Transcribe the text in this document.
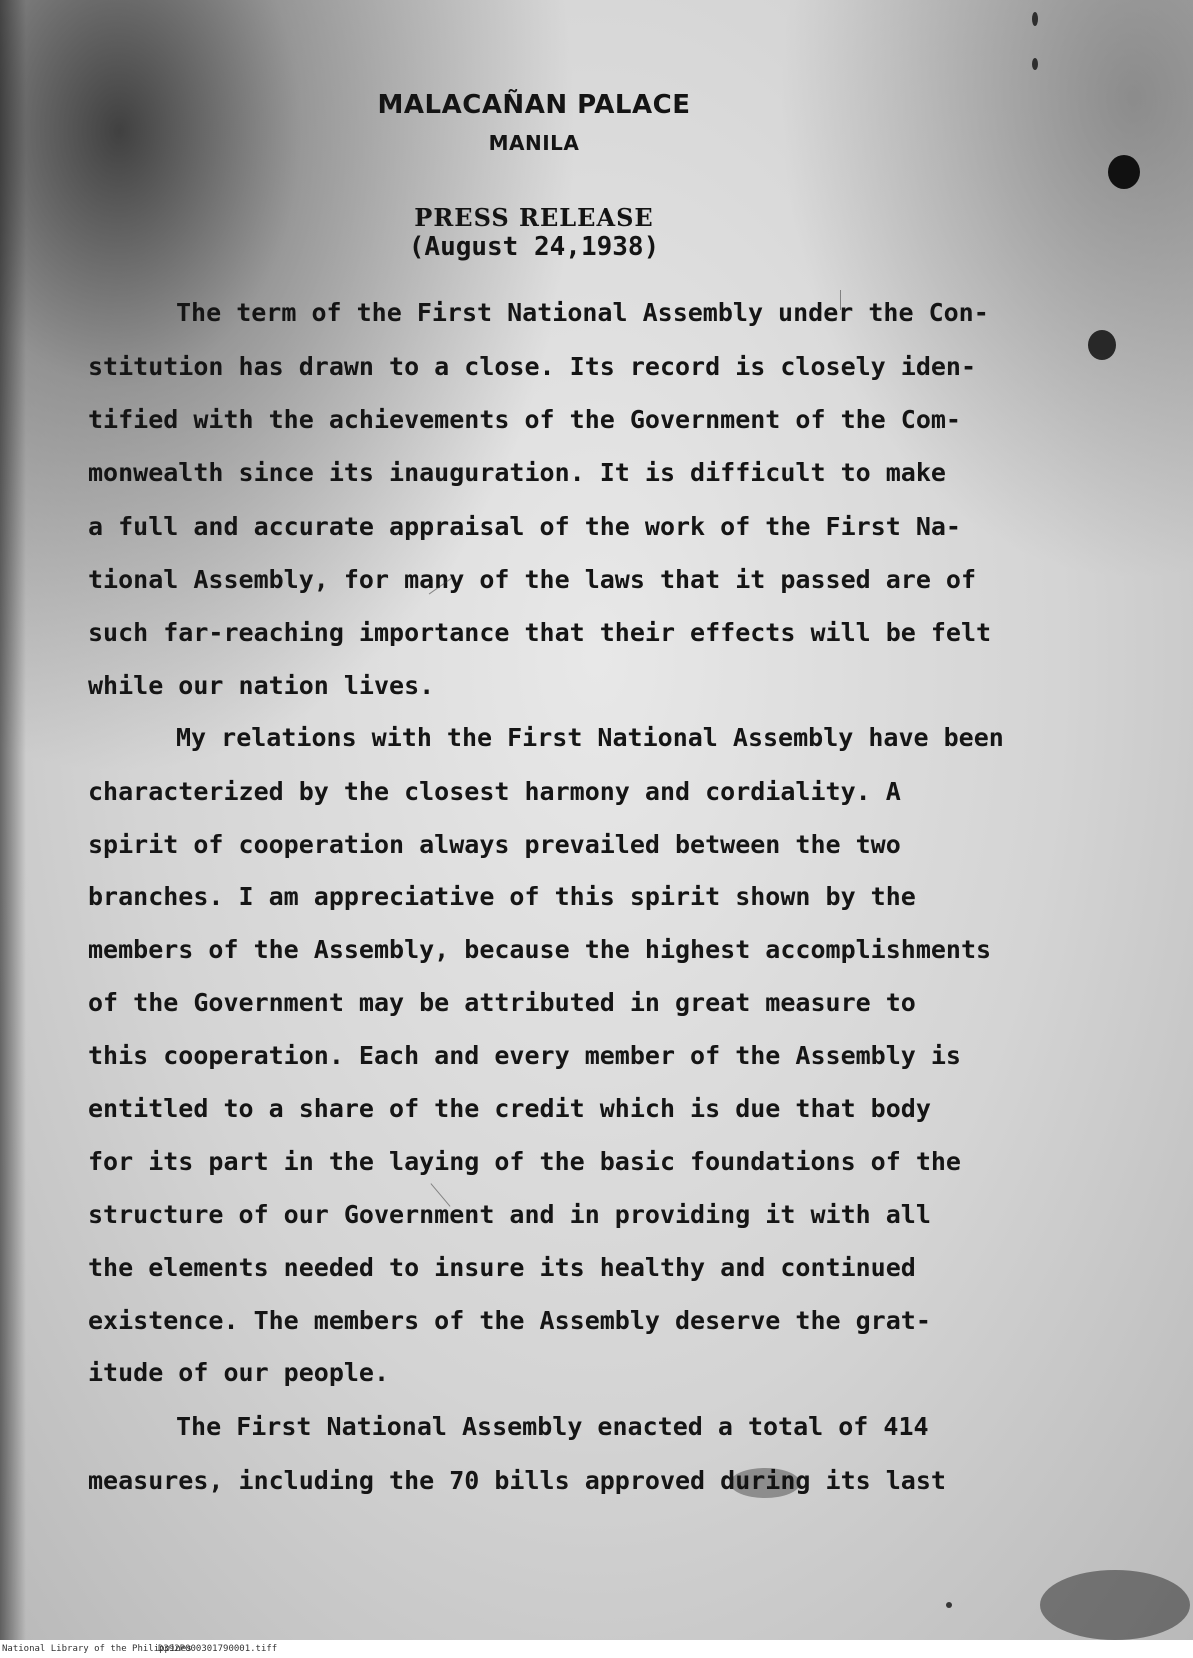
MALACAÑAN PALACE
MANILA
PRESS RELEASE
(August 24,1938)
The term of the First National Assembly under the Con-
stitution has drawn to a close. Its record is closely iden-
tified with the achievements of the Government of the Com-
monwealth since its inauguration. It is difficult to make
a full and accurate appraisal of the work of the First Na-
tional Assembly, for many of the laws that it passed are of
such far-reaching importance that their effects will be felt
while our nation lives.
My relations with the First National Assembly have been
characterized by the closest harmony and cordiality. A
spirit of cooperation always prevailed between the two
branches. I am appreciative of this spirit shown by the
members of the Assembly, because the highest accomplishments
of the Government may be attributed in great measure to
this cooperation. Each and every member of the Assembly is
entitled to a share of the credit which is due that body
for its part in the laying of the basic foundations of the
structure of our Government and in providing it with all
the elements needed to insure its healthy and continued
existence. The members of the Assembly deserve the grat-
itude of our people.
The First National Assembly enacted a total of 414
measures, including the 70 bills approved during its last
National Library of the Philippines
D392P000301790001.tiff
